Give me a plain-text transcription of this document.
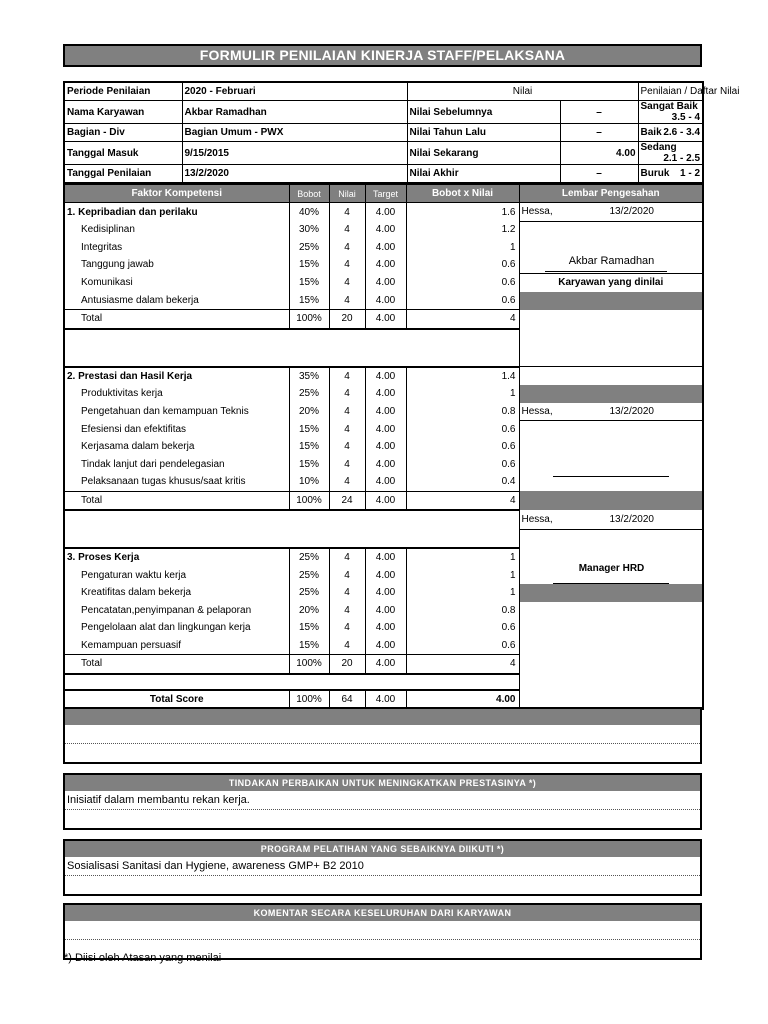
FORMULIR PENILAIAN KINERJA STAFF/PELAKSANA
Periode Penilaian	2020 - Februari	Nilai		Penilaian / Daftar Nilai
Nama Karyawan	Akbar Ramadhan	Nilai Sebelumnya	–	Sangat Baik
3.5 - 4

Bagian - Div	Bagian Umum - PWX	Nilai Tahun Lalu	–	Baik 2.6 - 3.4

Tanggal Masuk	9/15/2015	Nilai Sekarang	4.00	Sedang
2.1 - 2.5

Tanggal Penilaian	13/2/2020	Nilai Akhir	–	Buruk 1 - 2
Faktor Kompetensi	Bobot	Nilai	Target	Bobot x Nilai	Lembar Pengesahan
1. Kepribadian dan perilaku	40%	4	4.00	1.6	Hessa, 13/2/2020

Kedisiplinan	30%	4	4.00	1.2	
Integritas	25%	4	4.00	1	
Tanggung jawab	15%	4	4.00	0.6	
Komunikasi	15%	4	4.00	0.6	Karyawan yang dinilai
Antusiasme dalam bekerja	15%	4	4.00	0.6	
Total	100%	20	4.00	4	

2. Prestasi dan Hasil Kerja	35%	4	4.00	1.4	
Produktivitas kerja	25%	4	4.00	1	
Pengetahuan dan kemampuan Teknis	20%	4	4.00	0.8	Hessa, 13/2/2020

Efesiensi dan efektifitas	15%	4	4.00	0.6	

Kerjasama dalam bekerja	15%	4	4.00	0.6	
Tindak lanjut dari pendelegasian	15%	4	4.00	0.6	
Pelaksanaan tugas khusus/saat kritis	10%	4	4.00	0.4	
Total	100%	24	4.00	4	
					Hessa, 13/2/2020

3. Proses Kerja	25%	4	4.00	1	
Pengaturan waktu kerja	25%	4	4.00	1	
Kreatifitas dalam bekerja	25%	4	4.00	1	
Pencatatan,penyimpanan & pelaporan	20%	4	4.00	0.8	
Pengelolaan alat dan lingkungan kerja	15%	4	4.00	0.6	
Kemampuan persuasif	15%	4	4.00	0.6	
Total	100%	20	4.00	4	

Total Score	100%	64	4.00	4.00	
Akbar Ramadhan
Manager HRD
TINDAKAN PERBAIKAN UNTUK MENINGKATKAN PRESTASINYA *)
Inisiatif dalam membantu rekan kerja.
PROGRAM PELATIHAN YANG SEBAIKNYA DIIKUTI *)
Sosialisasi Sanitasi dan Hygiene, awareness GMP+ B2 2010
KOMENTAR SECARA KESELURUHAN DARI KARYAWAN
*) Diisi oleh Atasan yang menilai
